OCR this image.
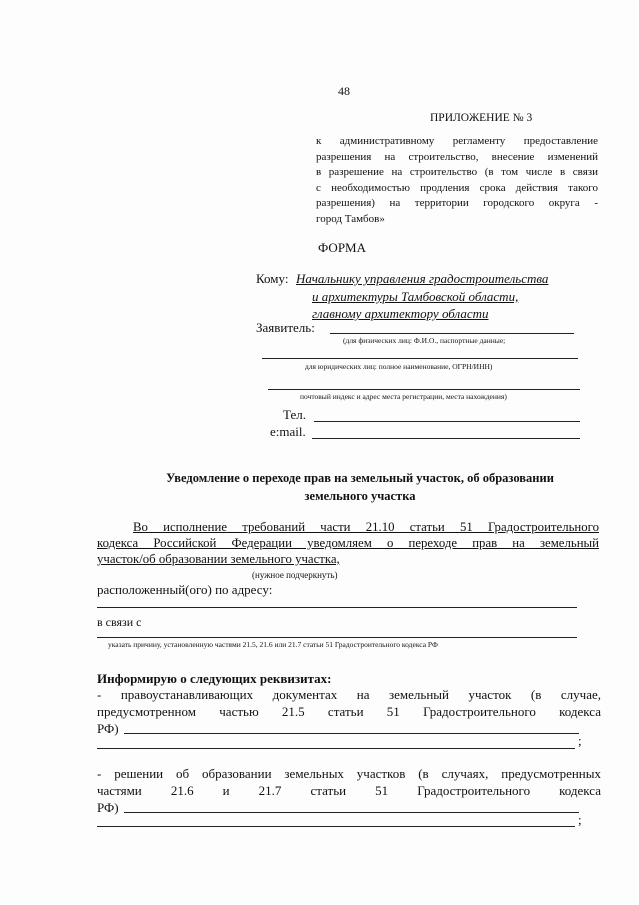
48
ПРИЛОЖЕНИЕ № 3
к административному регламенту предоставление
разрешения на строительство, внесение изменений
в разрешение на строительство (в том числе в связи
с необходимостью продления срока действия такого
разрешения) на территории городского округа -
город Тамбов»
ФОРМА
Кому: Начальнику управления градостроительства
и архитектуры Тамбовской области,
главному архитектору области
Заявитель:
(для физических лиц: Ф.И.О., паспортные данные;
для юридических лиц: полное наименование, ОГРН/ИНН)
почтовый индекс и адрес места регистрации, места нахождения)
Тел.
e:mail.
Уведомление о переходе прав на земельный участок, об образовании
земельного участка
Во исполнение требований части 21.10 статьи 51 Градостроительного
кодекса Российской Федерации уведомляем о переходе прав на земельный
участок/об образовании земельного участка,
(нужное подчеркнуть)
расположенный(ого) по адресу:
в связи с
указать причину, установленную частями 21.5, 21.6 или 21.7 статьи 51 Градостроительного кодекса РФ
Информирую о следующих реквизитах:
- правоустанавливающих документах на земельный участок (в случае,
предусмотренном частью 21.5 статьи 51 Градостроительного кодекса
РФ)
;
- решении об образовании земельных участков (в случаях, предусмотренных
частями 21.6 и 21.7 статьи 51 Градостроительного кодекса
РФ)
;
